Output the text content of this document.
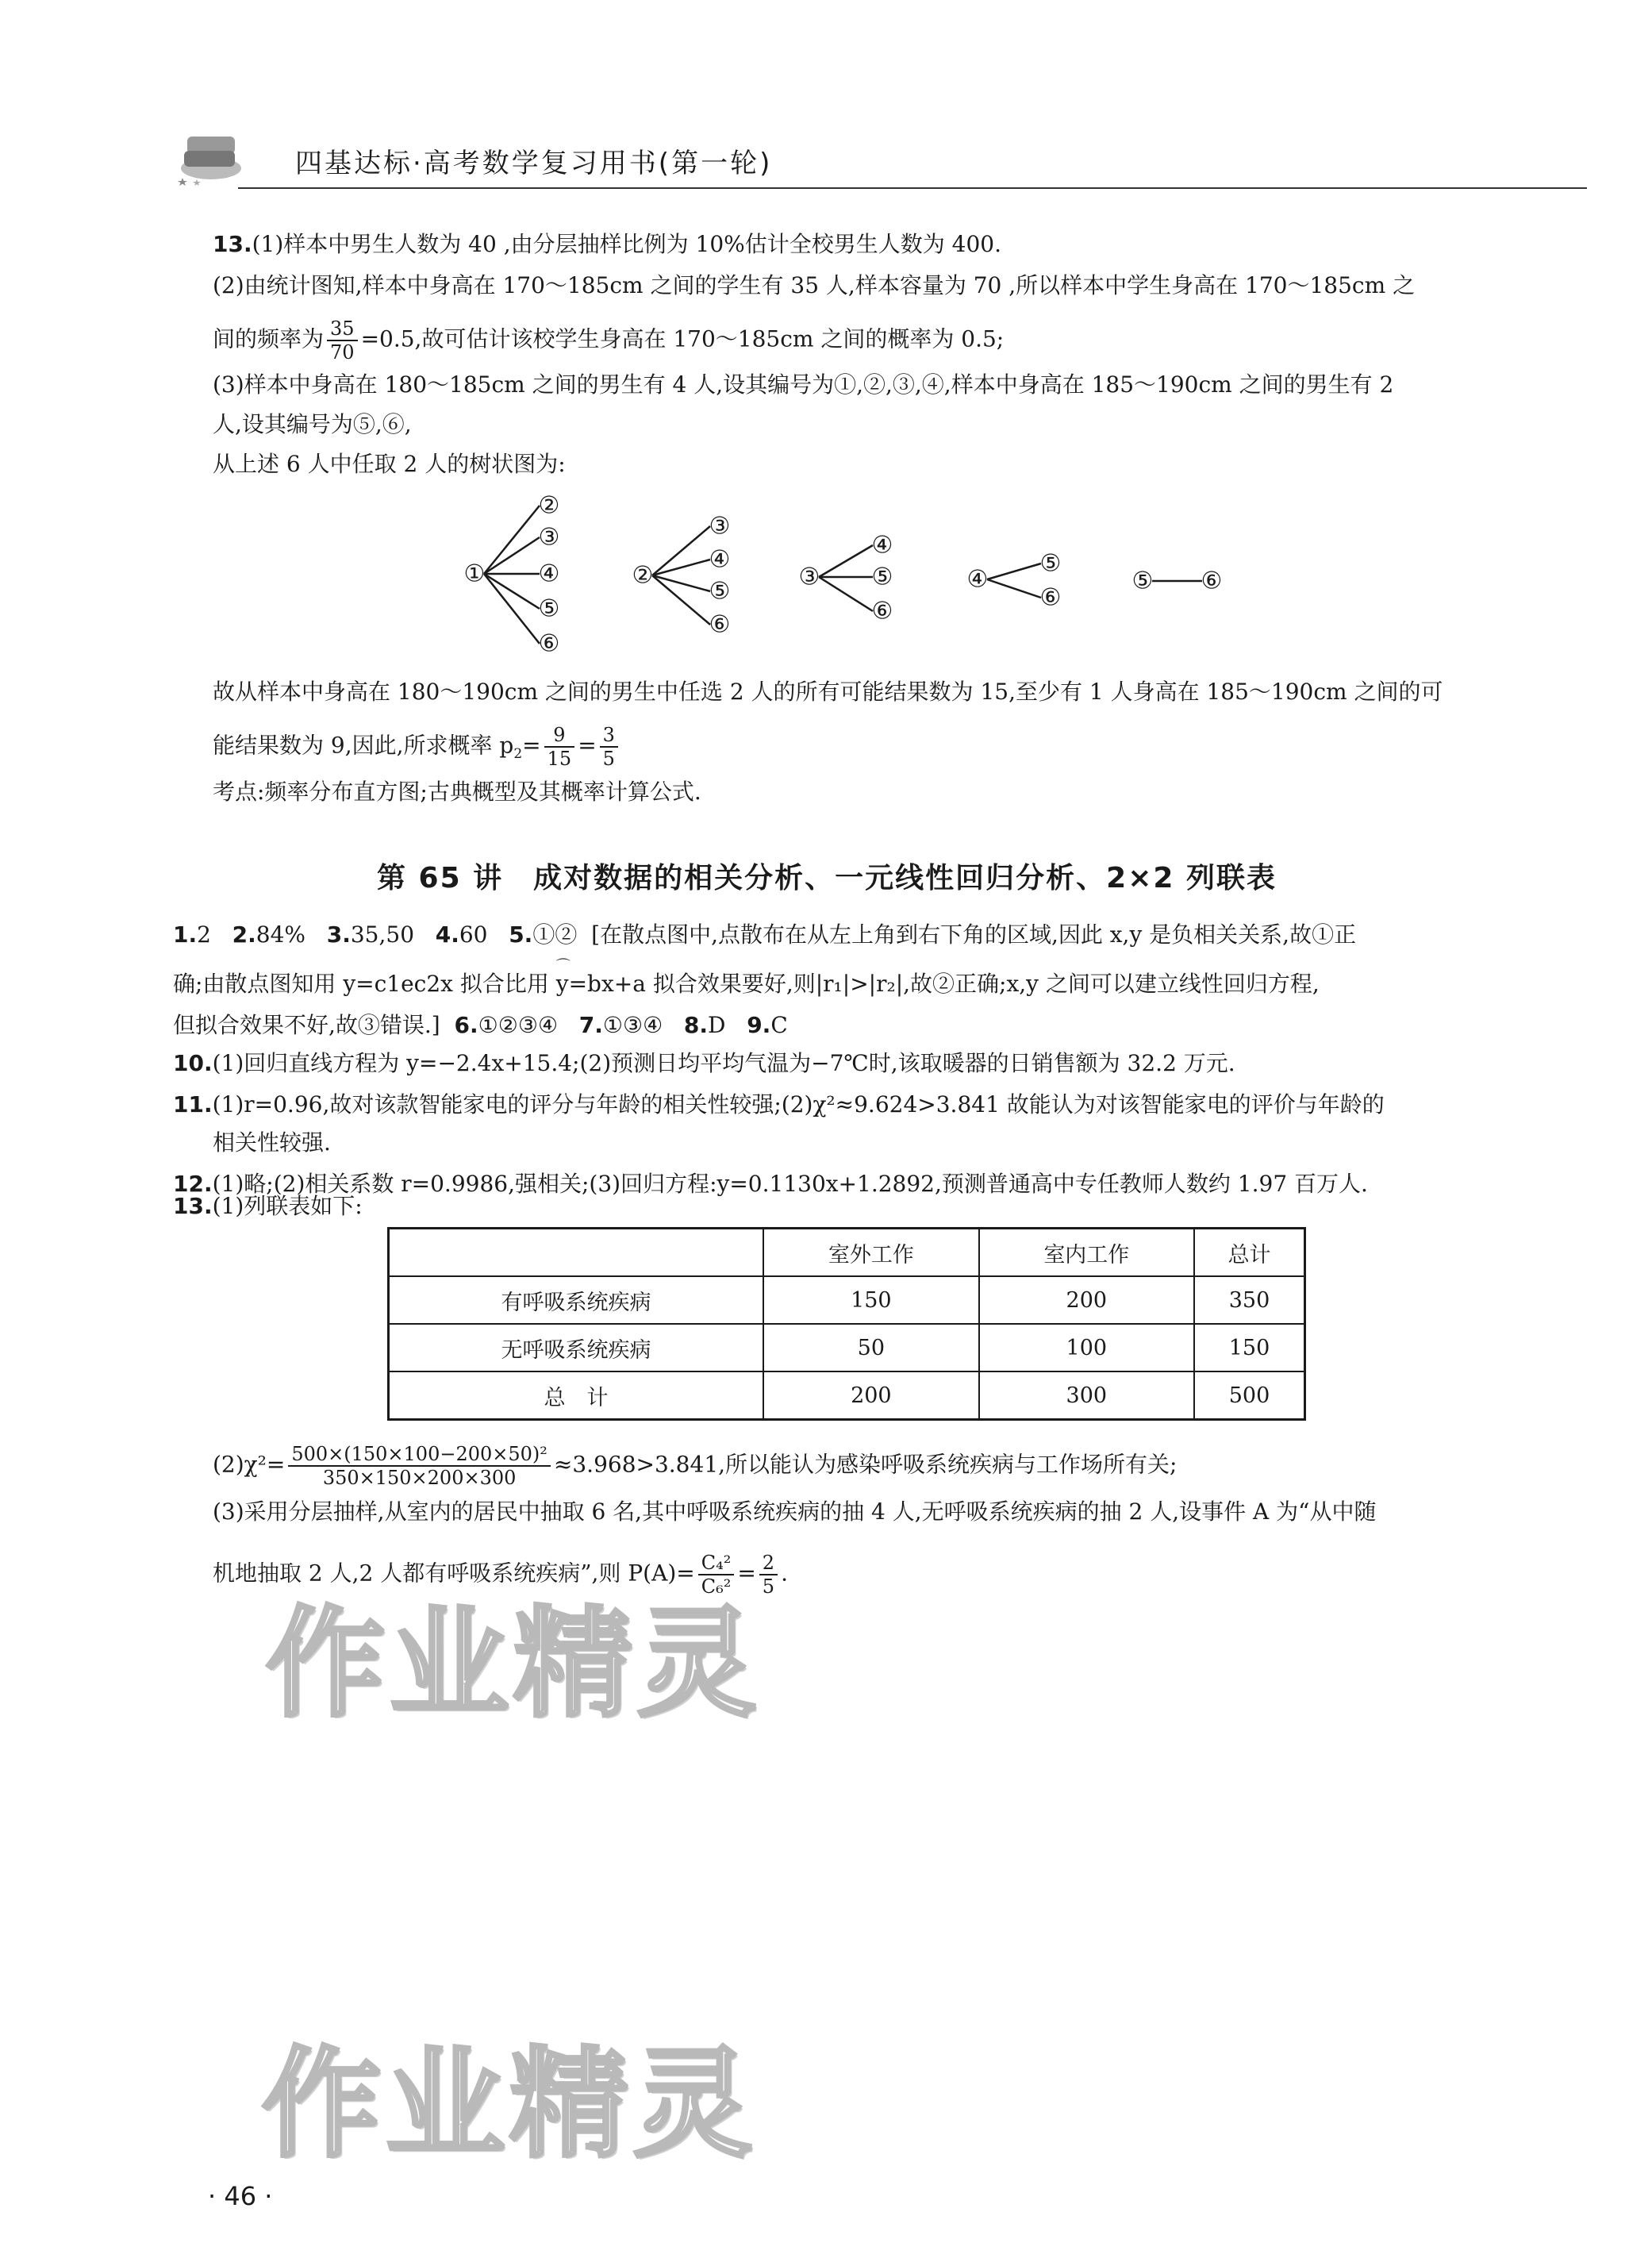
四基达标·高考数学复习用书(第一轮)
13.(1)样本中男生人数为 40 ,由分层抽样比例为 10%估计全校男生人数为 400.
(2)由统计图知,样本中身高在 170～185cm 之间的学生有 35 人,样本容量为 70 ,所以样本中学生身高在 170～185cm 之
间的频率为 $\frac{35}{70} =0.5$,故可估计该校学生身高在 170～185cm 之间的概率为 0.5;
(3)样本中身高在 180～185cm 之间的男生有 4 人,设其编号为①,②,③,④,样本中身高在 185～190cm 之间的男生有 2
人,设其编号为⑤,⑥,
从上述 6 人中任取 2 人的树状图为:
①
②
③
④
⑤
⑥
②
③
④
⑤
⑥
③
④
⑤
⑥
④
⑤
⑥
⑤ ⑥
故从样本中身高在 180～190cm 之间的男生中任选 2 人的所有可能结果数为 15,至少有 1 人身高在 185～190cm 之间的可
能结果数为 9,因此,所求概率 $p_2= \frac{9}{15} = \frac{3}{5}$
考点:频率分布直方图;古典概型及其概率计算公式.
第 65 讲　成对数据的相关分析、一元线性回归分析、2×2 列联表
1.2 2.84% 3.35,50 4.60 5.①② [在散点图中,点散布在从左上角到右下角的区域,因此 x,y 是负相关关系,故①正
确;由散点图知用 y=c1ec2x 拟合比用 ⌒ y=bx+a 拟合效果要好,则|r₁|>|r₂|,故②正确;x,y 之间可以建立线性回归方程,
但拟合效果不好,故③错误.] 6.①②③④ 7.①③④ 8.D 9.C
10.(1)回归直线方程为 y=−2.4x+15.4;(2)预测日均平均气温为−7℃时,该取暖器的日销售额为 32.2 万元.
11.(1)r=0.96,故对该款智能家电的评分与年龄的相关性较强;(2)χ²≈9.624>3.841 故能认为对该智能家电的评价与年龄的
相关性较强.
12.(1)略;(2)相关系数 r=0.9986,强相关;(3)回归方程:y=0.1130x+1.2892,预测普通高中专任教师人数约 1.97 百万人.
13.(1)列联表如下:
	室外工作	室内工作	总计
有呼吸系统疾病	150	200	350
无呼吸系统疾病	50	100	150
总　计	200	300	500
$(2)\chi^2= \frac{\text{500×(150×100−200×50)²}}{350\times 150\times 200\times 300} \approx 3.968>3.841$,所以能认为感染呼吸系统疾病与工作场所有关;
(3)采用分层抽样,从室内的居民中抽取 6 名,其中呼吸系统疾病的抽 4 人,无呼吸系统疾病的抽 2 人,设事件 A 为“从中随
机地抽取 2 人,2 人都有呼吸系统疾病”,则 $P(A)= \frac{\text{C₄²}}{\text{C₆²}} = \frac{2}{5}$ .
作业精灵
作业精灵
· 46 ·
